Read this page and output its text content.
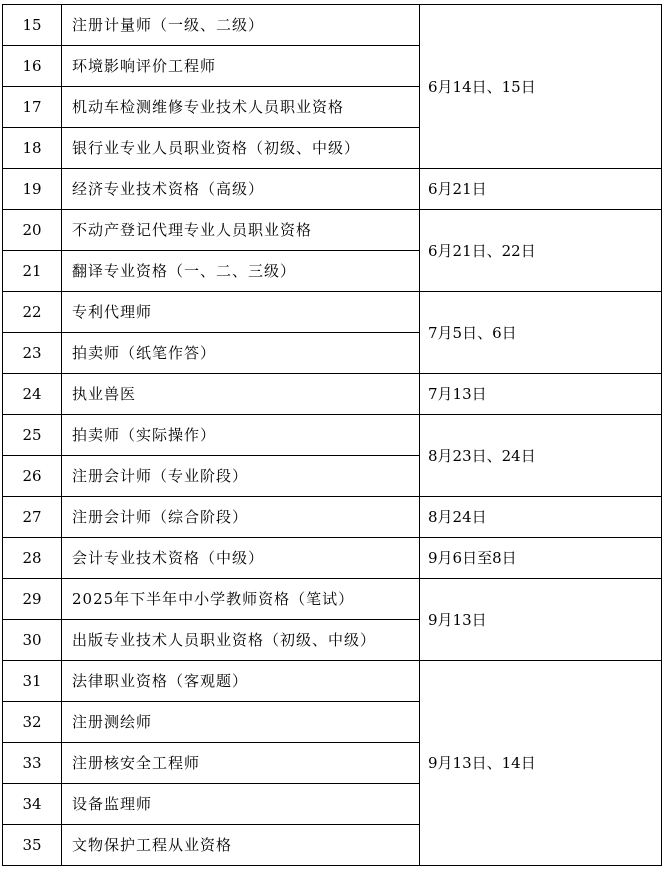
15	注册计量师（一级、二级）	6月14日、15日
16	环境影响评价工程师	
17	机动车检测维修专业技术人员职业资格	
18	银行业专业人员职业资格（初级、中级）	
19	经济专业技术资格（高级）	6月21日
20	不动产登记代理专业人员职业资格	6月21日、22日
21	翻译专业资格（一、二、三级）	
22	专利代理师	7月5日、6日
23	拍卖师（纸笔作答）	
24	执业兽医	7月13日
25	拍卖师（实际操作）	8月23日、24日
26	注册会计师（专业阶段）	
27	注册会计师（综合阶段）	8月24日
28	会计专业技术资格（中级）	9月6日至8日
29	2025年下半年中小学教师资格（笔试）	9月13日
30	出版专业技术人员职业资格（初级、中级）	
31	法律职业资格（客观题）	9月13日、14日
32	注册测绘师	
33	注册核安全工程师	
34	设备监理师	
35	文物保护工程从业资格	
